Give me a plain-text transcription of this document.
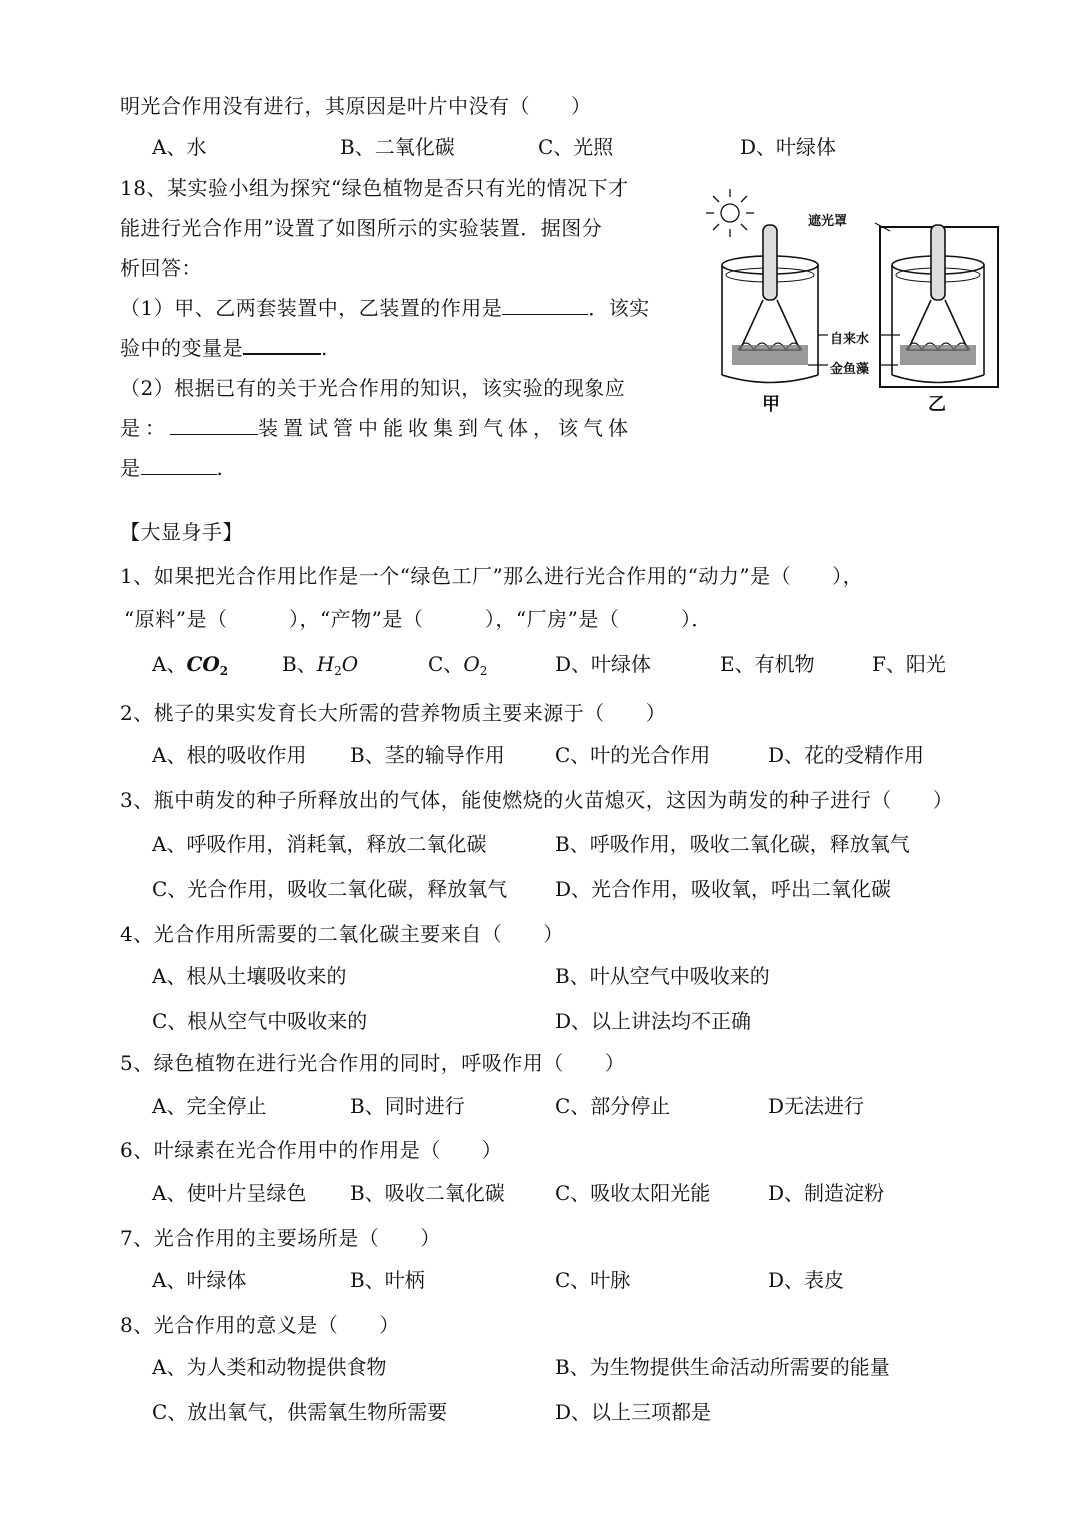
明光合作用没有进行，其原因是叶片中没有（　　）
A、水	B、二氧化碳	C、光照	D、叶绿体
18、某实验小组为探究“绿色植物是否只有光的情况下才
能进行光合作用”设置了如图所示的实验装置．据图分
析回答：
（1）甲、乙两套装置中，乙装置的作用是	．该实
验中的变量是	.
（2）根据已有的关于光合作用的知识，该实验的现象应
是：	装置试管中能收集到气体，该气体
是	.
遮光罩
自来水
金鱼藻
甲	乙
【大显身手】
1、如果把光合作用比作是一个“绿色工厂”那么进行光合作用的“动力”是（　　），
“原料”是（　　　），“产物”是（　　　），“厂房”是（　　　）．
A、$CO_2$	B、$H_2O$	C、$O_2$	D、叶绿体	E、有机物	F、阳光
2、桃子的果实发育长大所需的营养物质主要来源于（　　）
A、根的吸收作用 B、茎的输导作用	C、叶的光合作用	D、花的受精作用
3、瓶中萌发的种子所释放出的气体，能使燃烧的火苗熄灭，这因为萌发的种子进行（　　）
A、呼吸作用，消耗氧，释放二氧化碳	B、呼吸作用，吸收二氧化碳，释放氧气
C、光合作用，吸收二氧化碳，释放氧气 D、光合作用，吸收氧，呼出二氧化碳
4、光合作用所需要的二氧化碳主要来自（　　）
A、根从土壤吸收来的	B、叶从空气中吸收来的
C、根从空气中吸收来的	D、以上讲法均不正确
5、绿色植物在进行光合作用的同时，呼吸作用（　　）
A、完全停止	B、同时进行	C、部分停止	D无法进行
6、叶绿素在光合作用中的作用是（　　）
A、使叶片呈绿色 B、吸收二氧化碳	C、吸收太阳光能	D、制造淀粉
7、光合作用的主要场所是（　　）
A、叶绿体	B、叶柄	C、叶脉	D、表皮
8、光合作用的意义是（　　）
A、为人类和动物提供食物	B、为生物提供生命活动所需要的能量
C、放出氧气，供需氧生物所需要	D、以上三项都是
